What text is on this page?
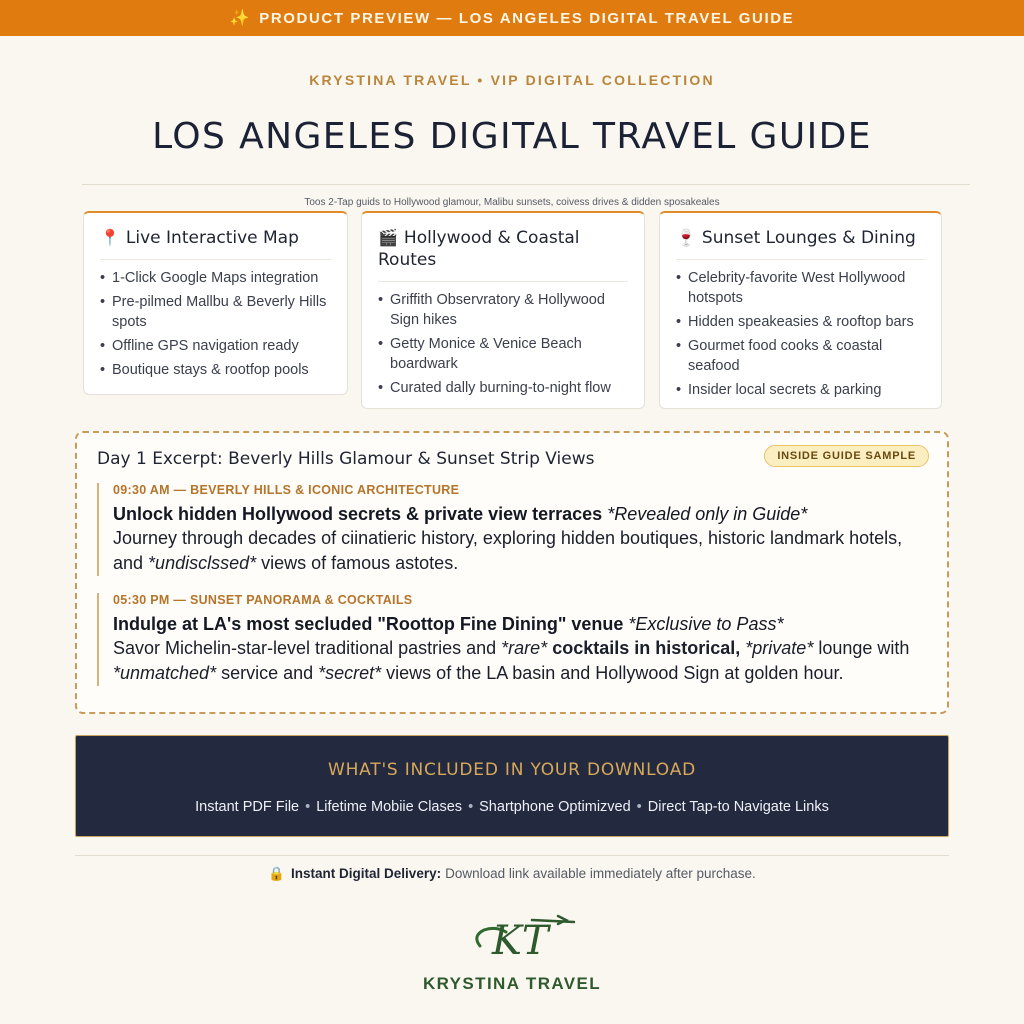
✨ PRODUCT PREVIEW — LOS ANGELES DIGITAL TRAVEL GUIDE
KRYSTINA TRAVEL • VIP DIGITAL COLLECTION
LOS ANGELES DIGITAL TRAVEL GUIDE
Toos 2-Tap guids to Hollywood glamour, Malibu sunsets, coivess drives & didden sposakeales
📍 Live Interactive Map
• 1-Click Google Maps integration
• Pre-pilmed Mallbu & Beverly Hills spots
• Offline GPS navigation ready
• Boutique stays & rootfop pools
🎬 Hollywood & Coastal Routes
• Griffith Observratory & Hollywood Sign hikes
• Getty Monice & Venice Beach boardwark
• Curated dally burning-to-night flow
🍷 Sunset Lounges & Dining
• Celebrity-favorite West Hollywood hotspots
• Hidden speakeasies & rooftop bars
• Gourmet food cooks & coastal seafood
• Insider local secrets & parking
Day 1 Excerpt: Beverly Hills Glamour & Sunset Strip Views	INSIDE GUIDE SAMPLE
09:30 AM — BEVERLY HILLS & ICONIC ARCHITECTURE
Unlock hidden Hollywood secrets & private view terraces *Revealed only in Guide*
Journey through decades of ciinatieric history, exploring hidden boutiques, historic landmark hotels, and *undisclssed* views of famous astotes.
05:30 PM — SUNSET PANORAMA & COCKTAILS
Indulge at LA's most secluded "Roottop Fine Dining" venue *Exclusive to Pass*
Savor Michelin-star-level traditional pastries and *rare* cocktails in historical, *private* lounge with *unmatched* service and *secret* views of the LA basin and Hollywood Sign at golden hour.
WHAT'S INCLUDED IN YOUR DOWNLOAD
Instant PDF File • Lifetime Mobiie Clases • Shartphone Optimizved • Direct Tap-to Navigate Links
🔒 Instant Digital Delivery: Download link available immediately after purchase.
KT
KRYSTINA TRAVEL
